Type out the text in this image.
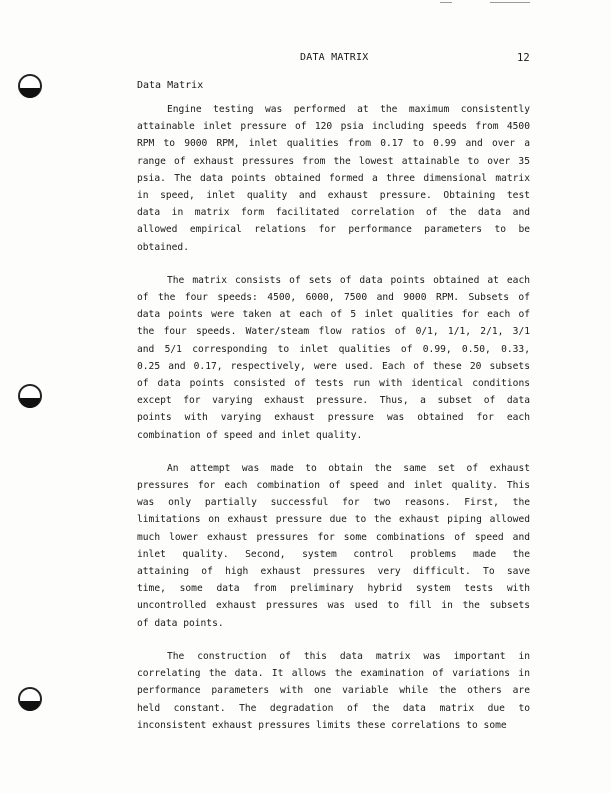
DATA MATRIX	12
Data Matrix
Engine testing was performed at the maximum consistently
attainable inlet pressure of 120 psia including speeds from 4500
RPM to 9000 RPM, inlet qualities from 0.17 to 0.99 and over a
range of exhaust pressures from the lowest attainable to over 35
psia. The data points obtained formed a three dimensional matrix
in speed, inlet quality and exhaust pressure. Obtaining test
data in matrix form facilitated correlation of the data and
allowed empirical relations for performance parameters to be
obtained.
The matrix consists of sets of data points obtained at each
of the four speeds: 4500, 6000, 7500 and 9000 RPM. Subsets of
data points were taken at each of 5 inlet qualities for each of
the four speeds. Water/steam flow ratios of 0/1, 1/1, 2/1, 3/1
and 5/1 corresponding to inlet qualities of 0.99, 0.50, 0.33,
0.25 and 0.17, respectively, were used. Each of these 20 subsets
of data points consisted of tests run with identical conditions
except for varying exhaust pressure. Thus, a subset of data
points with varying exhaust pressure was obtained for each
combination of speed and inlet quality.
An attempt was made to obtain the same set of exhaust
pressures for each combination of speed and inlet quality. This
was only partially successful for two reasons. First, the
limitations on exhaust pressure due to the exhaust piping allowed
much lower exhaust pressures for some combinations of speed and
inlet quality. Second, system control problems made the
attaining of high exhaust pressures very difficult. To save
time, some data from preliminary hybrid system tests with
uncontrolled exhaust pressures was used to fill in the subsets
of data points.
The construction of this data matrix was important in
correlating the data. It allows the examination of variations in
performance parameters with one variable while the others are
held constant. The degradation of the data matrix due to
inconsistent exhaust pressures limits these correlations to some
